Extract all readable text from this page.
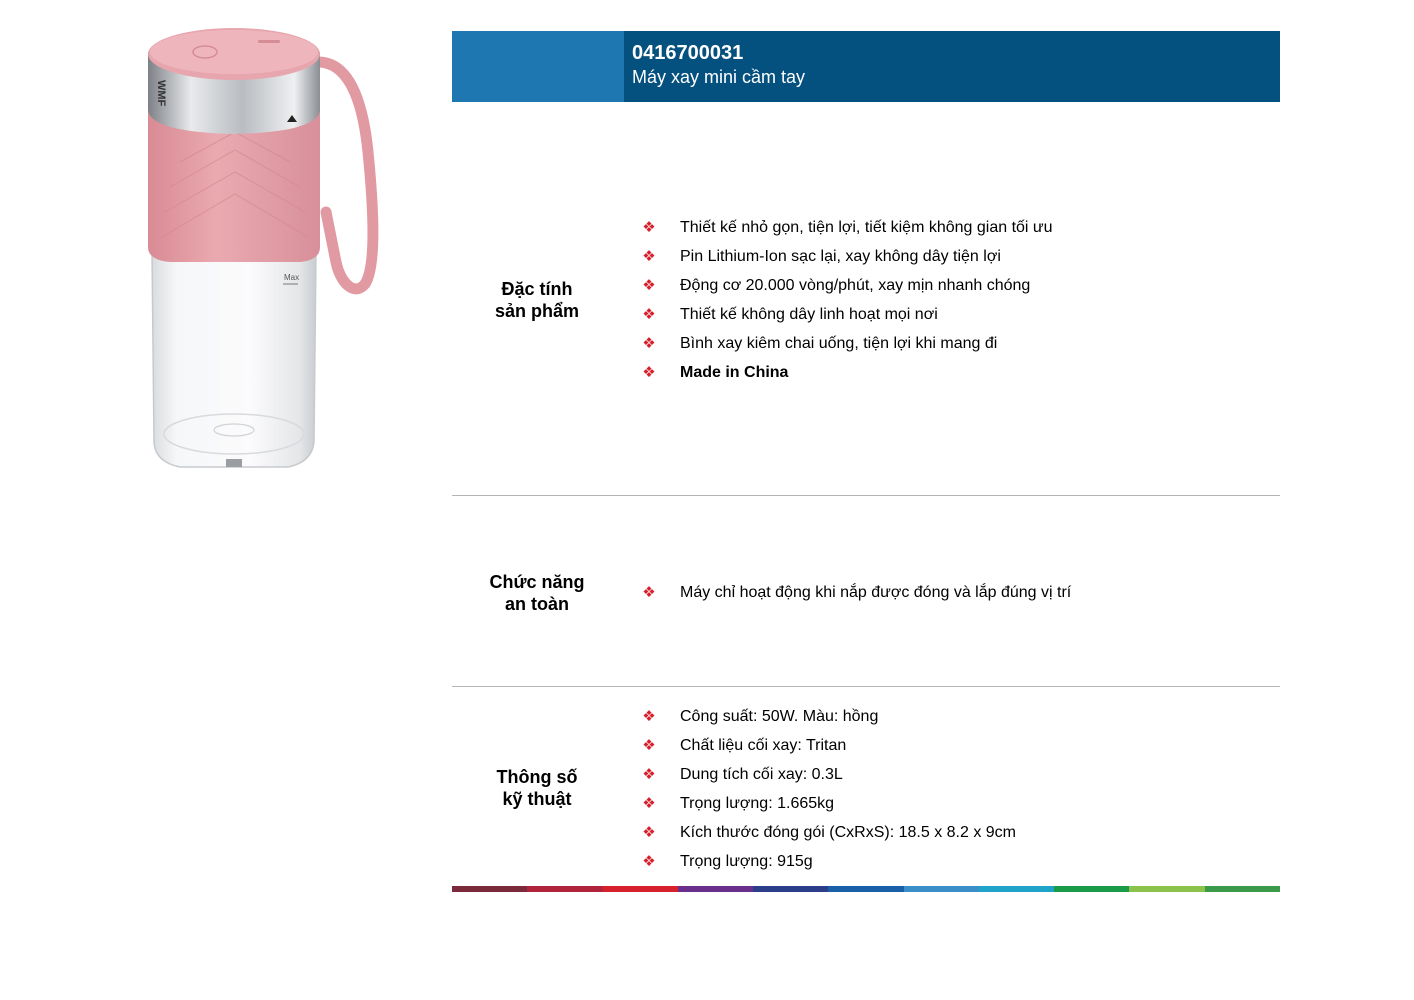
Max
WMF
0416700031
Máy xay mini cầm tay
Đặc tính
sản phẩm
❖ Thiết kế nhỏ gọn, tiện lợi, tiết kiệm không gian tối ưu
❖ Pin Lithium-Ion sạc lại, xay không dây tiện lợi
❖ Động cơ 20.000 vòng/phút, xay mịn nhanh chóng
❖ Thiết kế không dây linh hoạt mọi nơi
❖ Bình xay kiêm chai uống, tiện lợi khi mang đi
❖ Made in China
Chức năng
an toàn
❖ Máy chỉ hoạt động khi nắp được đóng và lắp đúng vị trí
Thông số
kỹ thuật
❖ Công suất: 50W. Màu: hồng
❖ Chất liệu cối xay: Tritan
❖ Dung tích cối xay: 0.3L
❖ Trọng lượng: 1.665kg
❖ Kích thước đóng gói (CxRxS): 18.5 x 8.2 x 9cm
❖ Trọng lượng: 915g
